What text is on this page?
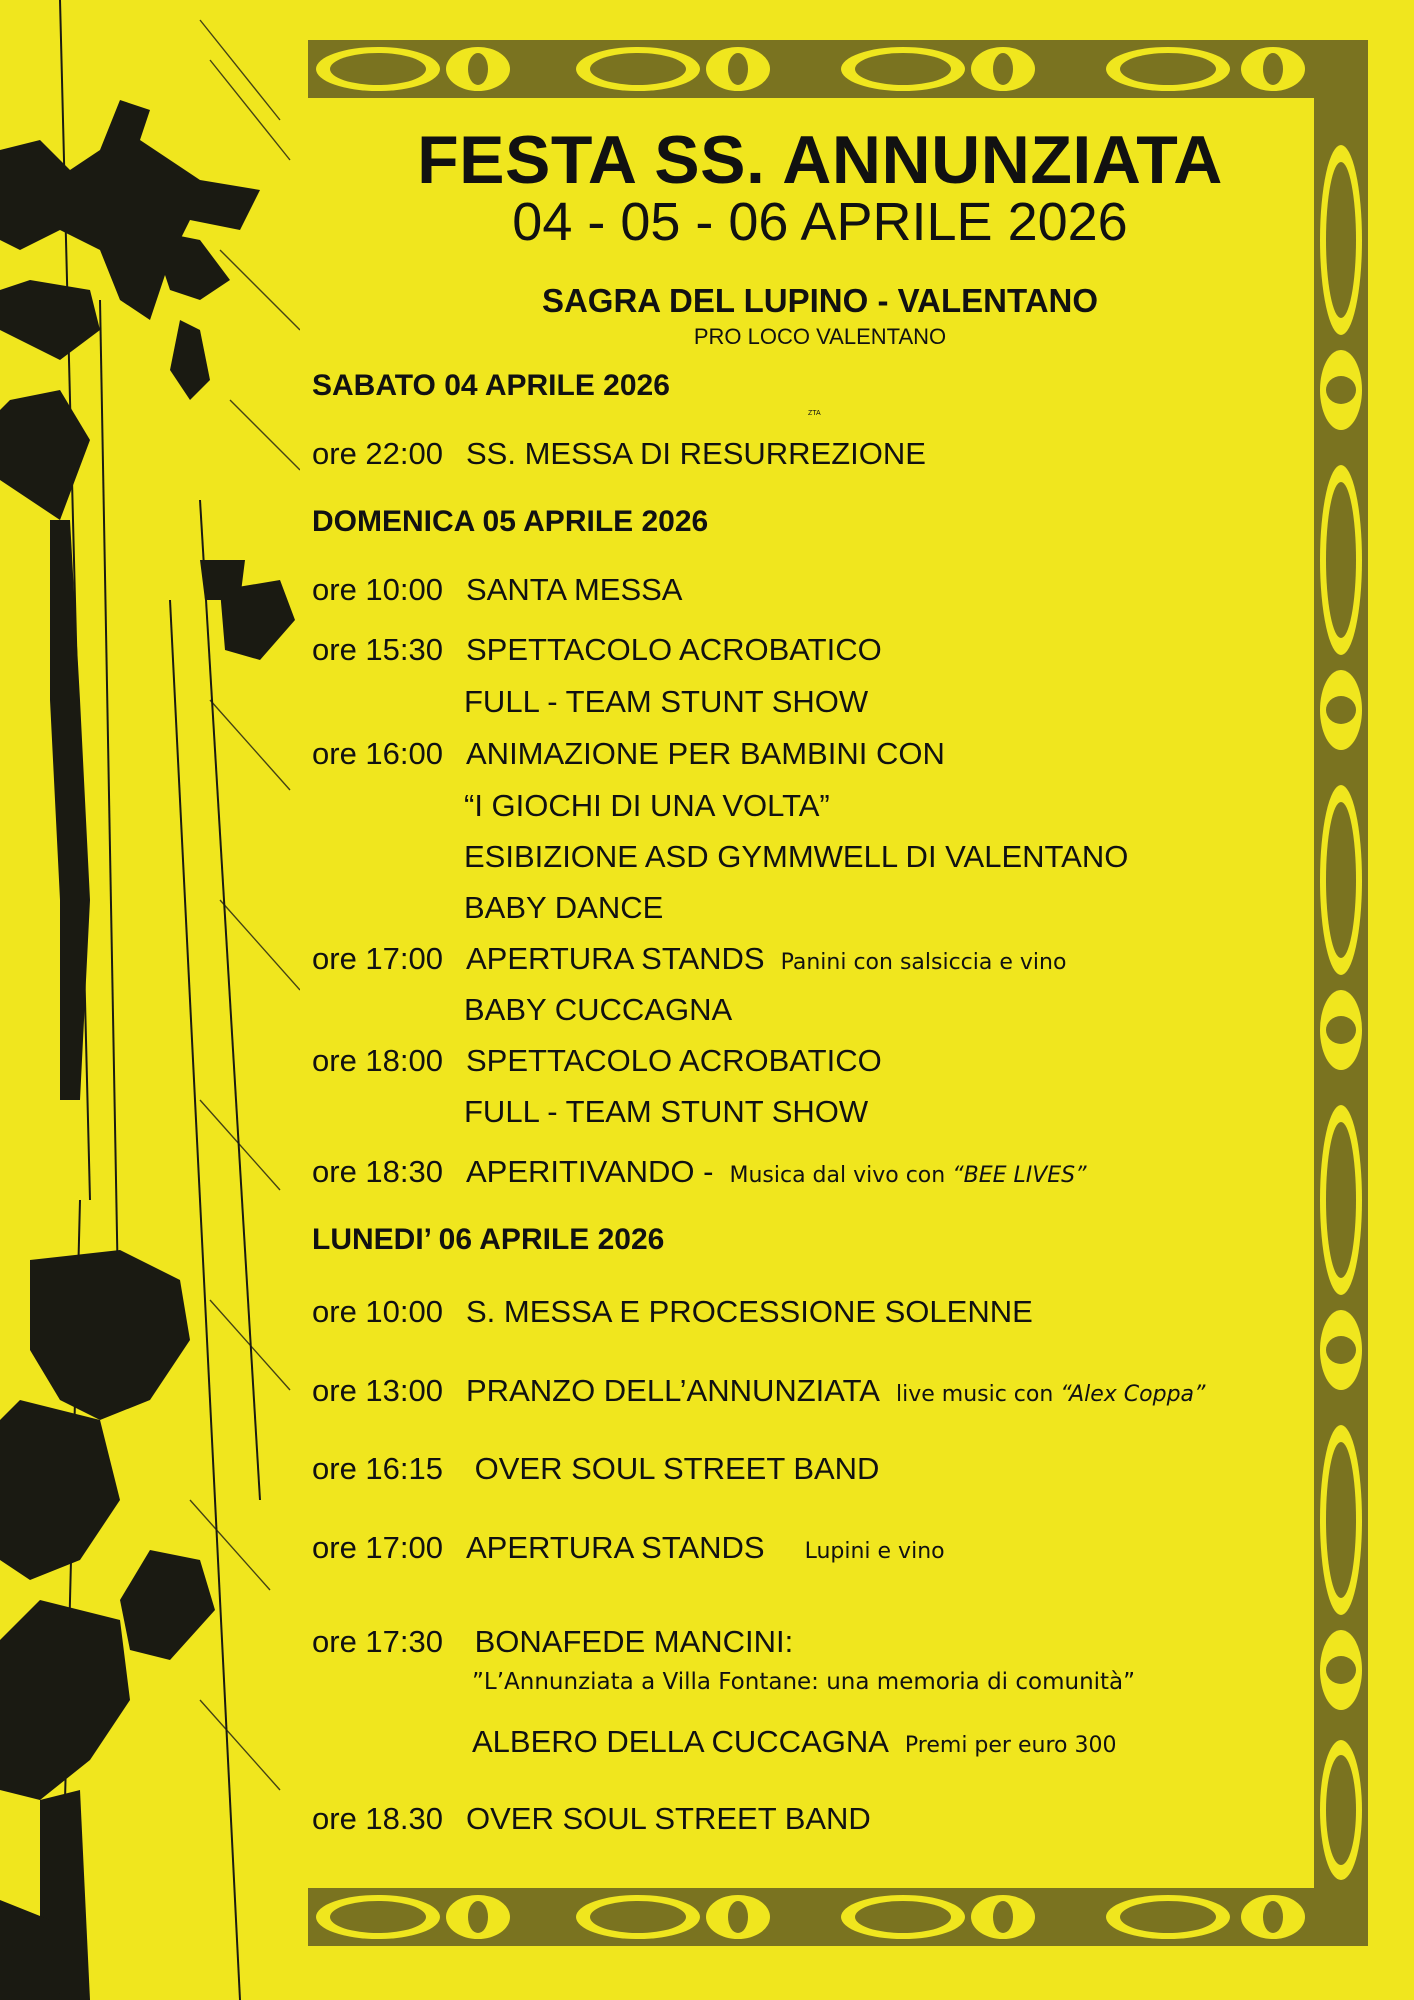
FESTA SS. ANNUNZIATA
04 - 05 - 06 APRILE 2026
SAGRA DEL LUPINO - VALENTANO
PRO LOCO VALENTANO
ZTA
SABATO 04 APRILE 2026
ore 22:00 SS. MESSA DI RESURREZIONE
DOMENICA 05 APRILE 2026
ore 10:00 SANTA MESSA
ore 15:30 SPETTACOLO ACROBATICO
FULL - TEAM STUNT SHOW
ore 16:00 ANIMAZIONE PER BAMBINI CON
“I GIOCHI DI UNA VOLTA”
ESIBIZIONE ASD GYMMWELL DI VALENTANO
BABY DANCE
ore 17:00 APERTURA STANDS Panini con salsiccia e vino
BABY CUCCAGNA
ore 18:00 SPETTACOLO ACROBATICO
FULL - TEAM STUNT SHOW
ore 18:30 APERITIVANDO - Musica dal vivo con “BEE LIVES”
LUNEDI’ 06 APRILE 2026
ore 10:00 S. MESSA E PROCESSIONE SOLENNE
ore 13:00 PRANZO DELL’ANNUNZIATA live music con “Alex Coppa”
ore 16:15 OVER SOUL STREET BAND
ore 17:00 APERTURA STANDS Lupini e vino
ore 17:30 BONAFEDE MANCINI:
”L’Annunziata a Villa Fontane: una memoria di comunità”
ALBERO DELLA CUCCAGNA Premi per euro 300
ore 18.30 OVER SOUL STREET BAND
